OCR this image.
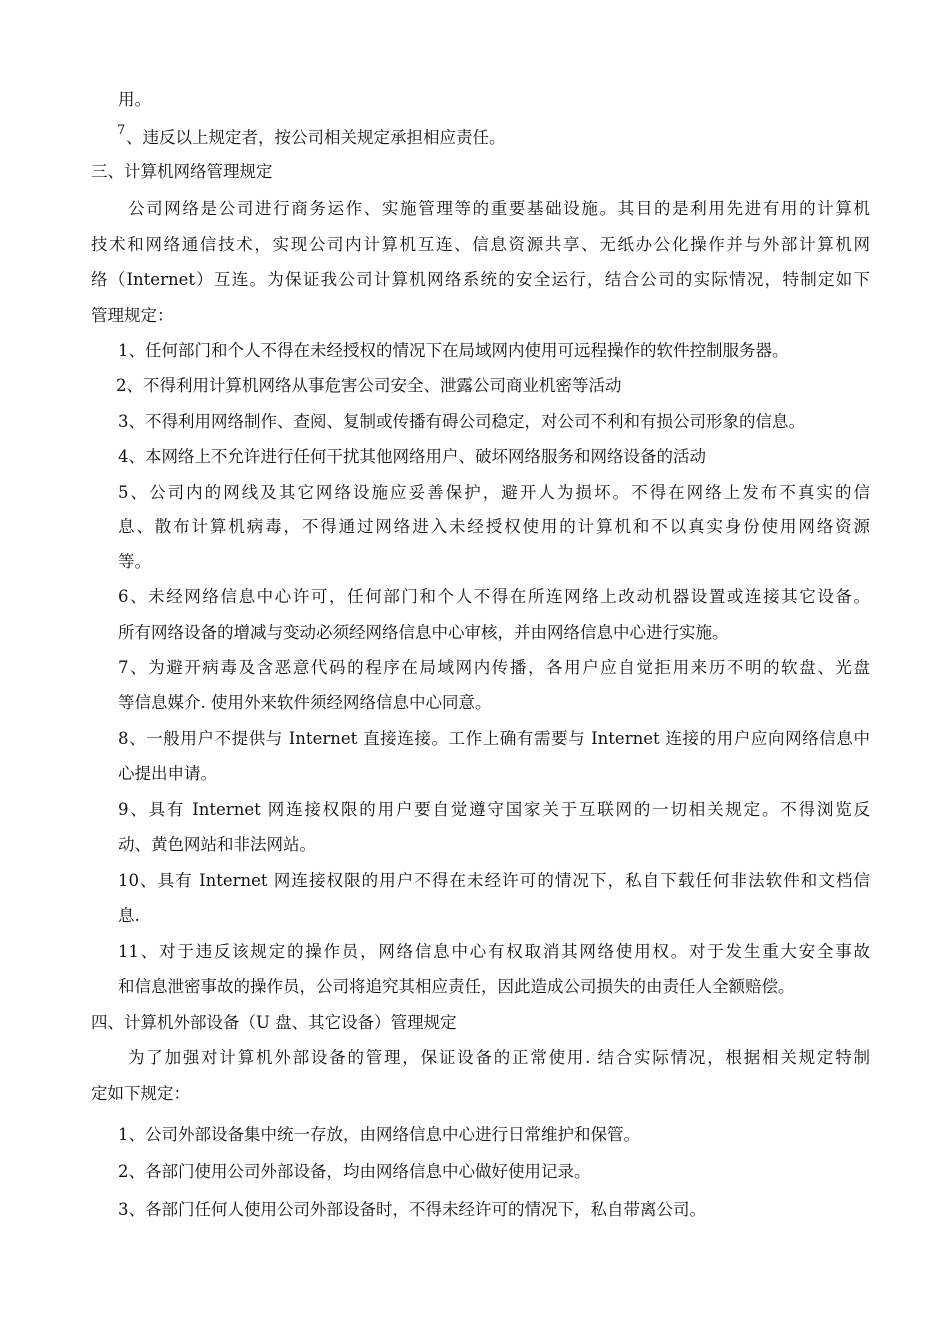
用。
7 、违反以上规定者，按公司相关规定承担相应责任。
三、计算机网络管理规定
公司网络是公司进行商务运作、实施管理等的重要基础设施。其目的是利用先进有用的计算机
技术和网络通信技术，实现公司内计算机互连、信息资源共享、无纸办公化操作并与外部计算机网
络（Internet）互连。为保证我公司计算机网络系统的安全运行，结合公司的实际情况，特制定如下
管理规定：
1、任何部门和个人不得在未经授权的情况下在局域网内使用可远程操作的软件控制服务器。
2、不得利用计算机网络从事危害公司安全、泄露公司商业机密等活动
3、不得利用网络制作、查阅、复制或传播有碍公司稳定，对公司不利和有损公司形象的信息。
4、本网络上不允许进行任何干扰其他网络用户、破坏网络服务和网络设备的活动
5、公司内的网线及其它网络设施应妥善保护，避开人为损坏。不得在网络上发布不真实的信
息、散布计算机病毒，不得通过网络进入未经授权使用的计算机和不以真实身份使用网络资源
等。
6、未经网络信息中心许可，任何部门和个人不得在所连网络上改动机器设置或连接其它设备。
所有网络设备的增减与变动必须经网络信息中心审核，并由网络信息中心进行实施。
7、为避开病毒及含恶意代码的程序在局域网内传播，各用户应自觉拒用来历不明的软盘、光盘
等信息媒介. 使用外来软件须经网络信息中心同意。
8、一般用户不提供与 Internet 直接连接。工作上确有需要与 Internet 连接的用户应向网络信息中
心提出申请。
9、具有 Internet 网连接权限的用户要自觉遵守国家关于互联网的一切相关规定。不得浏览反
动、黄色网站和非法网站。
10、具有 Internet 网连接权限的用户不得在未经许可的情况下，私自下载任何非法软件和文档信
息.
11、对于违反该规定的操作员，网络信息中心有权取消其网络使用权。对于发生重大安全事故
和信息泄密事故的操作员，公司将追究其相应责任，因此造成公司损失的由责任人全额赔偿。
四、计算机外部设备（U 盘、其它设备）管理规定
为了加强对计算机外部设备的管理，保证设备的正常使用. 结合实际情况，根据相关规定特制
定如下规定：
1、公司外部设备集中统一存放，由网络信息中心进行日常维护和保管。
2、各部门使用公司外部设备，均由网络信息中心做好使用记录。
3、各部门任何人使用公司外部设备时，不得未经许可的情况下，私自带离公司。
